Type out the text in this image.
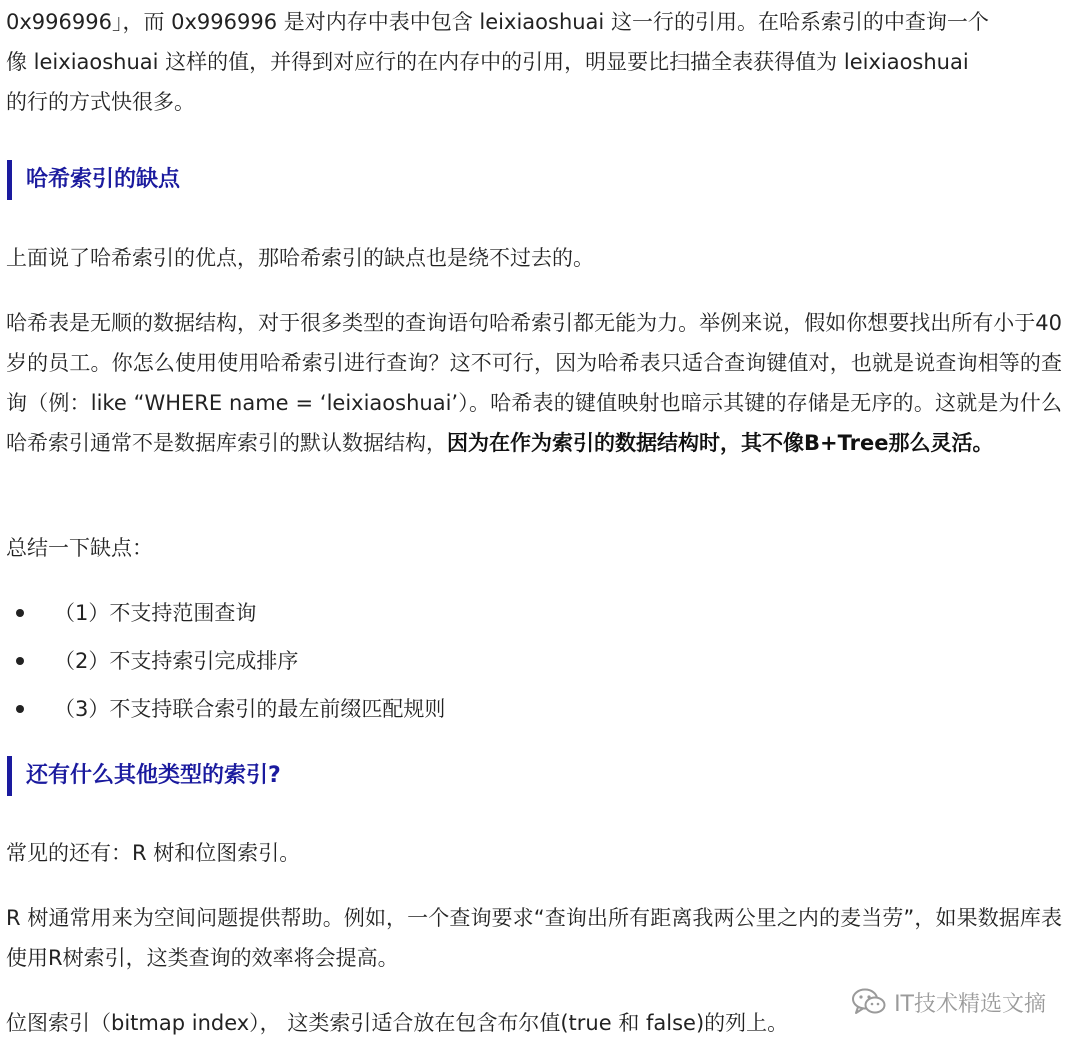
0x996996」，而 0x996996 是对内存中表中包含 leixiaoshuai 这一行的引用。在哈系索引的中查询一个
像 leixiaoshuai 这样的值，并得到对应行的在内存中的引用，明显要比扫描全表获得值为 leixiaoshuai
的行的方式快很多。

哈希索引的缺点

上面说了哈希索引的优点，那哈希索引的缺点也是绕不过去的。

哈希表是无顺的数据结构，对于很多类型的查询语句哈希索引都无能为力。举例来说，假如你想要找出所有小于40岁的员工。你怎么使用使用哈希索引进行查询？这不可行，因为哈希表只适合查询键值对，也就是说查询相等的查询（例：like “WHERE name = ‘leixiaoshuai’）。哈希表的键值映射也暗示其键的存储是无序的。这就是为什么哈希索引通常不是数据库索引的默认数据结构，因为在作为索引的数据结构时，其不像B+Tree那么灵活。

总结一下缺点：

（1）不支持范围查询
（2）不支持索引完成排序
（3）不支持联合索引的最左前缀匹配规则
还有什么其他类型的索引?

常见的还有：R 树和位图索引。

R 树通常用来为空间问题提供帮助。例如，一个查询要求“查询出所有距离我两公里之内的麦当劳”，如果数据库表使用R树索引，这类查询的效率将会提高。

位图索引（bitmap index）， 这类索引适合放在包含布尔值(true 和 false)的列上。

IT技术精选文摘
